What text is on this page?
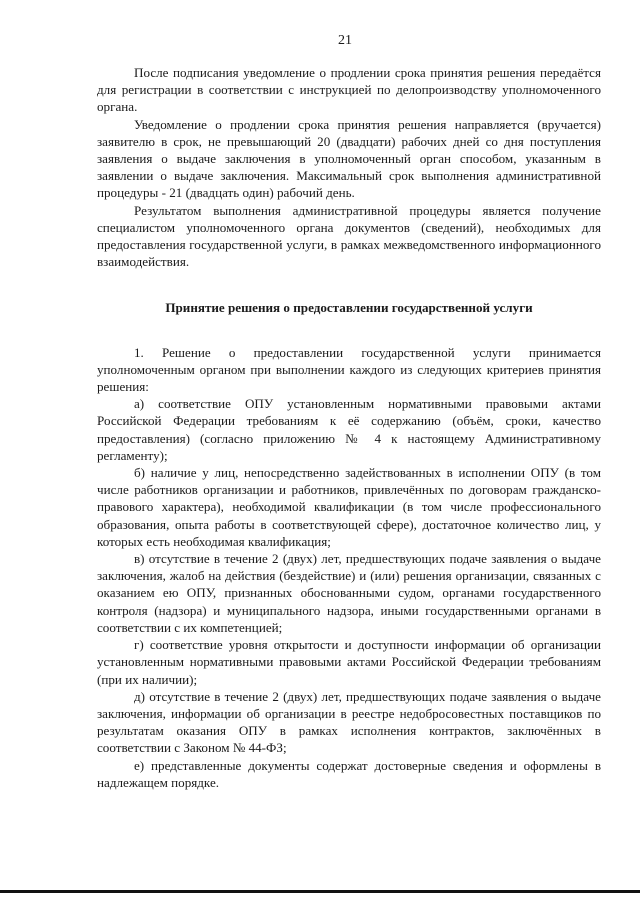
21

После подписания уведомление о продлении срока принятия решения передаётся для регистрации в соответствии с инструкцией по делопроизводству уполномоченного органа.

Уведомление о продлении срока принятия решения направляется (вручается) заявителю в срок, не превышающий 20 (двадцати) рабочих дней со дня поступления заявления о выдаче заключения в уполномоченный орган способом, указанным в заявлении о выдаче заключения. Максимальный срок выполнения административной процедуры - 21 (двадцать один) рабочий день.

Результатом выполнения административной процедуры является получение специалистом уполномоченного органа документов (сведений), необходимых для предоставления государственной услуги, в рамках межведомственного информационного взаимодействия.

Принятие решения о предоставлении государственной услуги

1. Решение о предоставлении государственной услуги принимается уполномоченным органом при выполнении каждого из следующих критериев принятия решения:

а) соответствие ОПУ установленным нормативными правовыми актами Российской Федерации требованиям к её содержанию (объём, сроки, качество предоставления) (согласно приложению № 4 к настоящему Административному регламенту);

б) наличие у лиц, непосредственно задействованных в исполнении ОПУ (в том числе работников организации и работников, привлечённых по договорам гражданско-правового характера), необходимой квалификации (в том числе профессионального образования, опыта работы в соответствующей сфере), достаточное количество лиц, у которых есть необходимая квалификация;

в) отсутствие в течение 2 (двух) лет, предшествующих подаче заявления о выдаче заключения, жалоб на действия (бездействие) и (или) решения организации, связанных с оказанием ею ОПУ, признанных обоснованными судом, органами государственного контроля (надзора) и муниципального надзора, иными государственными органами в соответствии с их компетенцией;

г) соответствие уровня открытости и доступности информации об организации установленным нормативными правовыми актами Российской Федерации требованиям (при их наличии);

д) отсутствие в течение 2 (двух) лет, предшествующих подаче заявления о выдаче заключения, информации об организации в реестре недобросовестных поставщиков по результатам оказания ОПУ в рамках исполнения контрактов, заключённых в соответствии с Законом № 44-ФЗ;

е) представленные документы содержат достоверные сведения и оформлены в надлежащем порядке.
